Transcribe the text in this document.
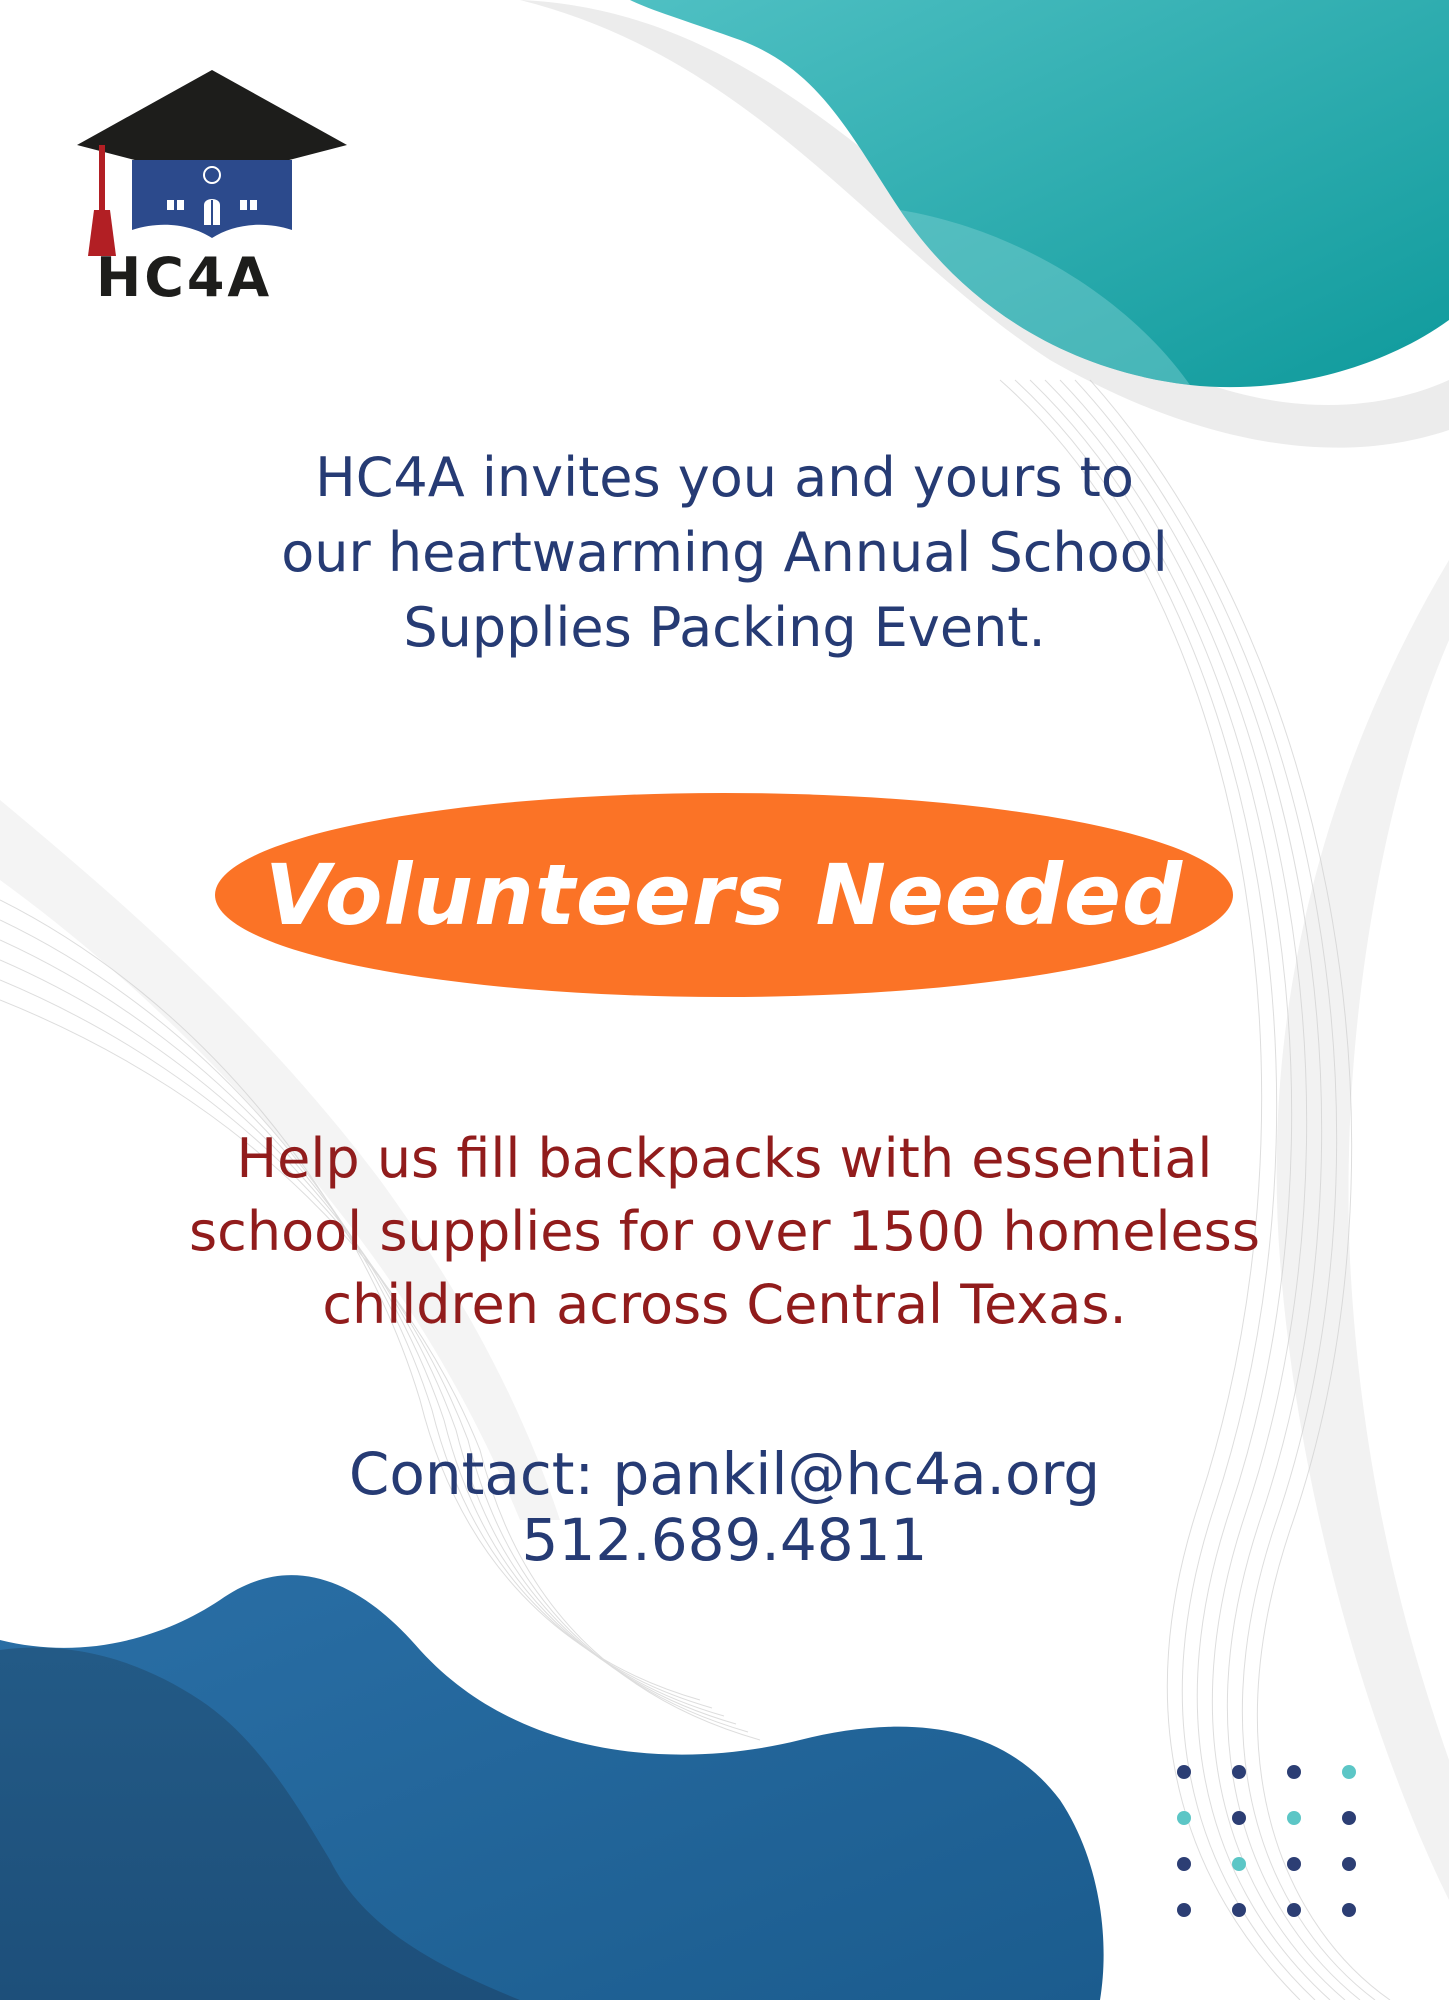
HC4A
HC4A invites you and yours to
our heartwarming Annual School
Supplies Packing Event.
Volunteers Needed
Help us fill backpacks with essential
school supplies for over 1500 homeless
children across Central Texas.
Contact: pankil@hc4a.org
512.689.4811
